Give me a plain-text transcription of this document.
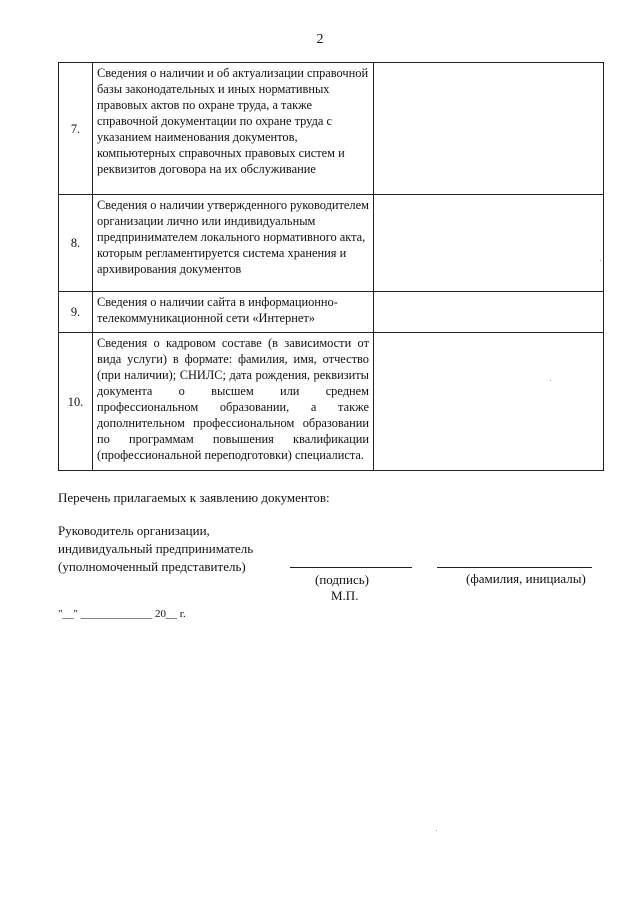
2
7.	Сведения о наличии и об актуализации справочной базы законодательных и иных нормативных правовых актов по охране труда, а также справочной документации по охране труда с указанием наименования документов, компьютерных справочных правовых систем и реквизитов договора на их обслуживание	
8.	Сведения о наличии утвержденного руководителем организации лично или индивидуальным предпринимателем локального нормативного акта, которым регламентируется система хранения и архивирования документов	
9.	Сведения о наличии сайта в информационно-телекоммуникационной сети «Интернет»	
10.	Сведения о кадровом составе (в зависимости от вида услуги) в формате: фамилия, имя, отчество (при наличии); СНИЛС; дата рождения, реквизиты документа о высшем или среднем профессиональном образовании, а также дополнительном профессиональном образовании по программам повышения квалификации (профессиональной переподготовки) специалиста.	
Перечень прилагаемых к заявлению документов:
Руководитель организации,
индивидуальный предприниматель
(уполномоченный представитель)
(подпись)	(фамилия, инициалы)
М.П.
"__" _____________ 20__ г.
